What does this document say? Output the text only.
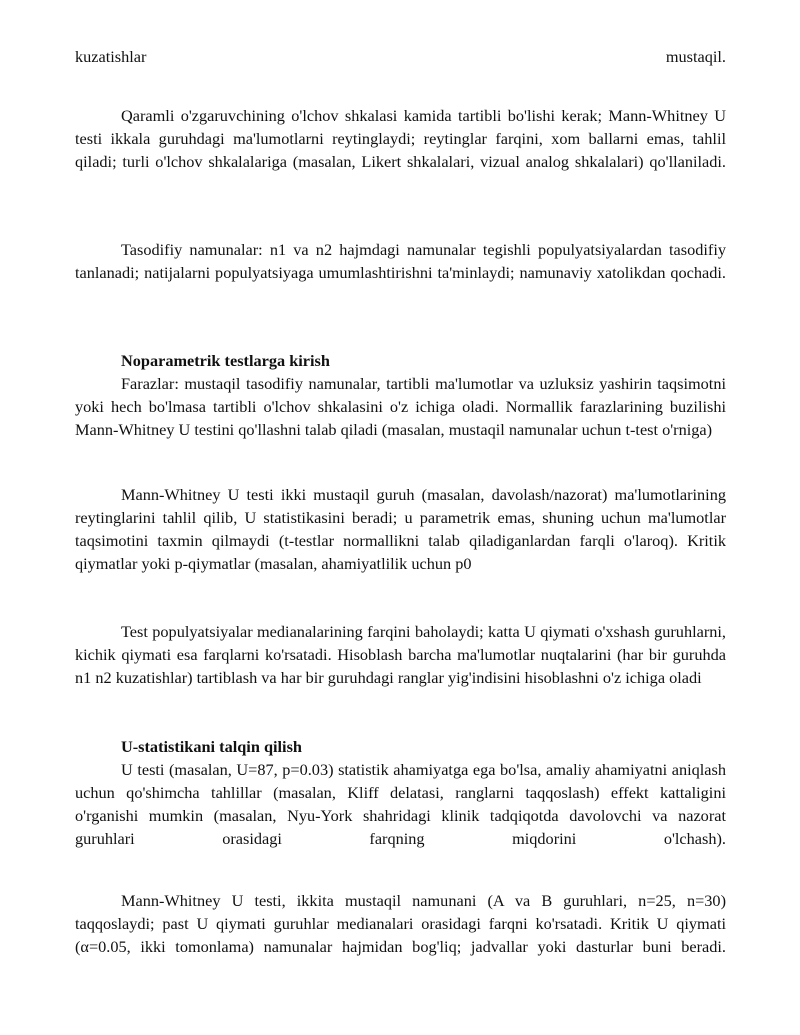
kuzatishlar	mustaqil.
Qaramli o'zgaruvchining o'lchov shkalasi kamida tartibli bo'lishi kerak; Mann-Whitney U testi ikkala guruhdagi ma'lumotlarni reytinglaydi; reytinglar farqini, xom ballarni emas, tahlil qiladi; turli o'lchov shkalalariga (masalan, Likert shkalalari, vizual analog shkalalari) qo'llaniladi.
Tasodifiy namunalar: n1 va n2 hajmdagi namunalar tegishli populyatsiyalardan tasodifiy tanlanadi; natijalarni populyatsiyaga umumlashtirishni ta'minlaydi; namunaviy xatolikdan qochadi.
Noparametrik testlarga kirish
Farazlar: mustaqil tasodifiy namunalar, tartibli ma'lumotlar va uzluksiz yashirin taqsimotni yoki hech bo'lmasa tartibli o'lchov shkalasini o'z ichiga oladi. Normallik farazlarining buzilishi Mann-Whitney U testini qo'llashni talab qiladi (masalan, mustaqil namunalar uchun t-test o'rniga)
Mann-Whitney U testi ikki mustaqil guruh (masalan, davolash/nazorat) ma'lumotlarining reytinglarini tahlil qilib, U statistikasini beradi; u parametrik emas, shuning uchun ma'lumotlar taqsimotini taxmin qilmaydi (t-testlar normallikni talab qiladiganlardan farqli o'laroq). Kritik qiymatlar yoki p-qiymatlar (masalan, ahamiyatlilik uchun p0
Test populyatsiyalar medianalarining farqini baholaydi; katta U qiymati o'xshash guruhlarni, kichik qiymati esa farqlarni ko'rsatadi. Hisoblash barcha ma'lumotlar nuqtalarini (har bir guruhda n1 n2 kuzatishlar) tartiblash va har bir guruhdagi ranglar yig'indisini hisoblashni o'z ichiga oladi
U-statistikani talqin qilish
U testi (masalan, U=87, p=0.03) statistik ahamiyatga ega bo'lsa, amaliy ahamiyatni aniqlash uchun qo'shimcha tahlillar (masalan, Kliff delatasi, ranglarni taqqoslash) effekt kattaligini o'rganishi mumkin (masalan, Nyu-York shahridagi klinik tadqiqotda davolovchi va nazorat guruhlari orasidagi farqning miqdorini o'lchash).
Mann-Whitney U testi, ikkita mustaqil namunani (A va B guruhlari, n=25, n=30) taqqoslaydi; past U qiymati guruhlar medianalari orasidagi farqni ko'rsatadi. Kritik U qiymati (α=0.05, ikki tomonlama) namunalar hajmidan bog'liq; jadvallar yoki dasturlar buni beradi.
